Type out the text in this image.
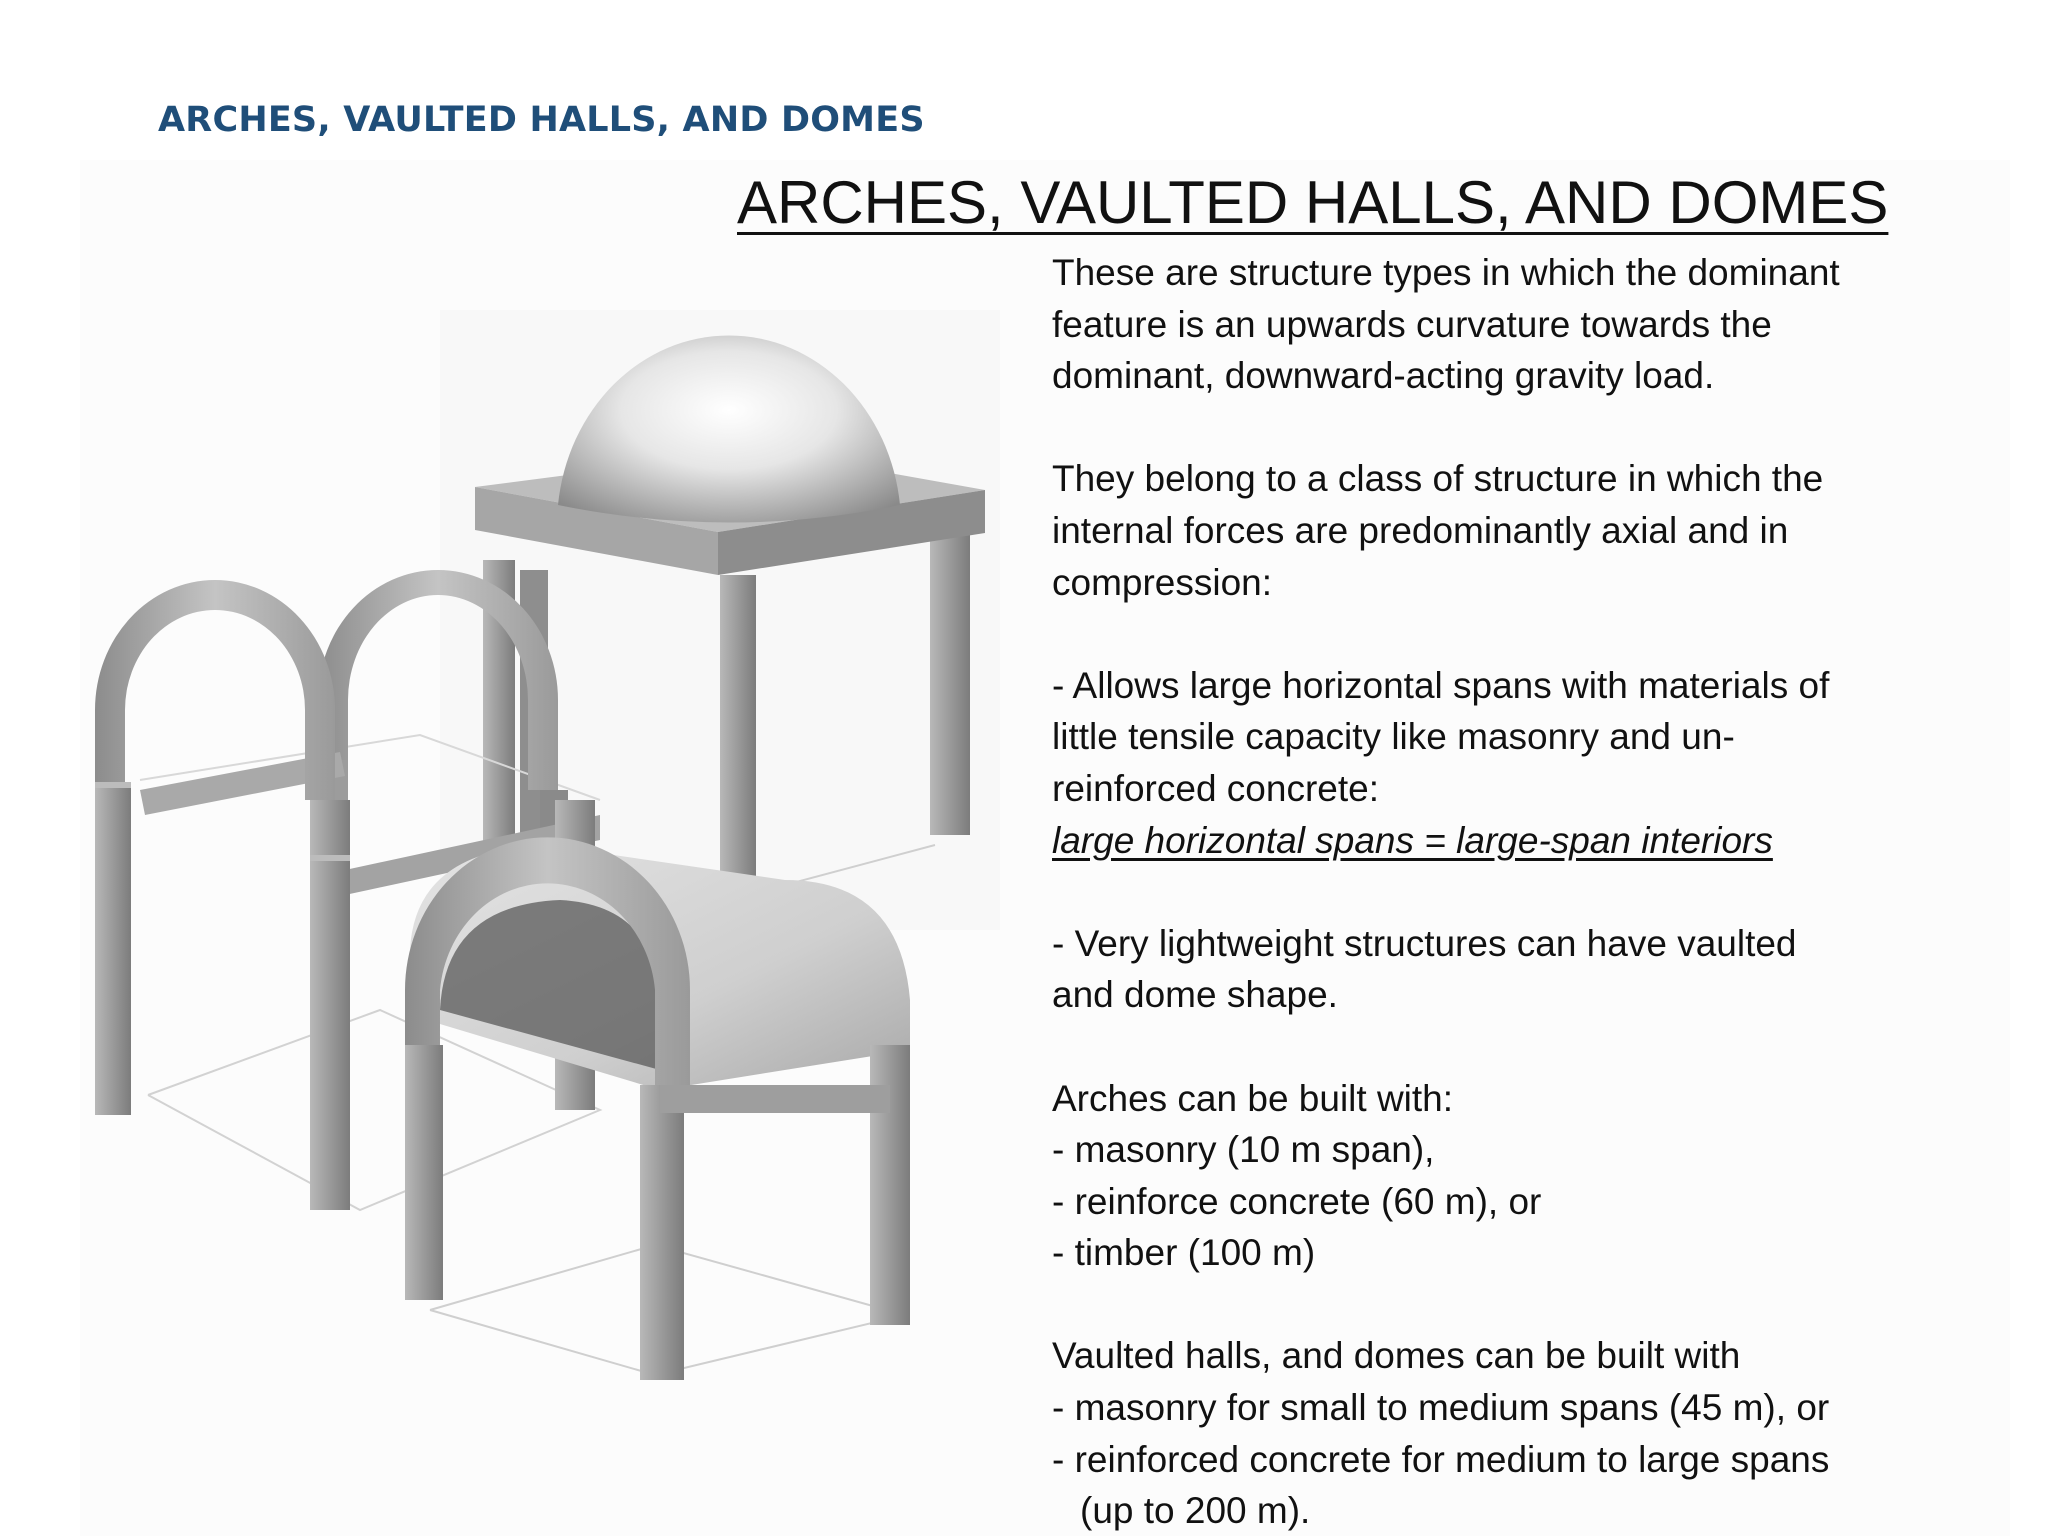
ARCHES, VAULTED HALLS, AND DOMES
ARCHES, VAULTED HALLS, AND DOMES

These are structure types in which the dominant

feature is an upwards curvature towards the

dominant, downward-acting gravity load.

They belong to a class of structure in which the

internal forces are predominantly axial and in

compression:

- Allows large horizontal spans with materials of

little tensile capacity like masonry and un-

reinforced concrete:

large horizontal spans = large-span interiors

- Very lightweight structures can have vaulted

and dome shape.

Arches can be built with:

- masonry (10 m span),

- reinforce concrete (60 m), or

- timber (100 m)

Vaulted halls, and domes can be built with

- masonry for small to medium spans (45 m), or

- reinforced concrete for medium to large spans

(up to 200 m).
